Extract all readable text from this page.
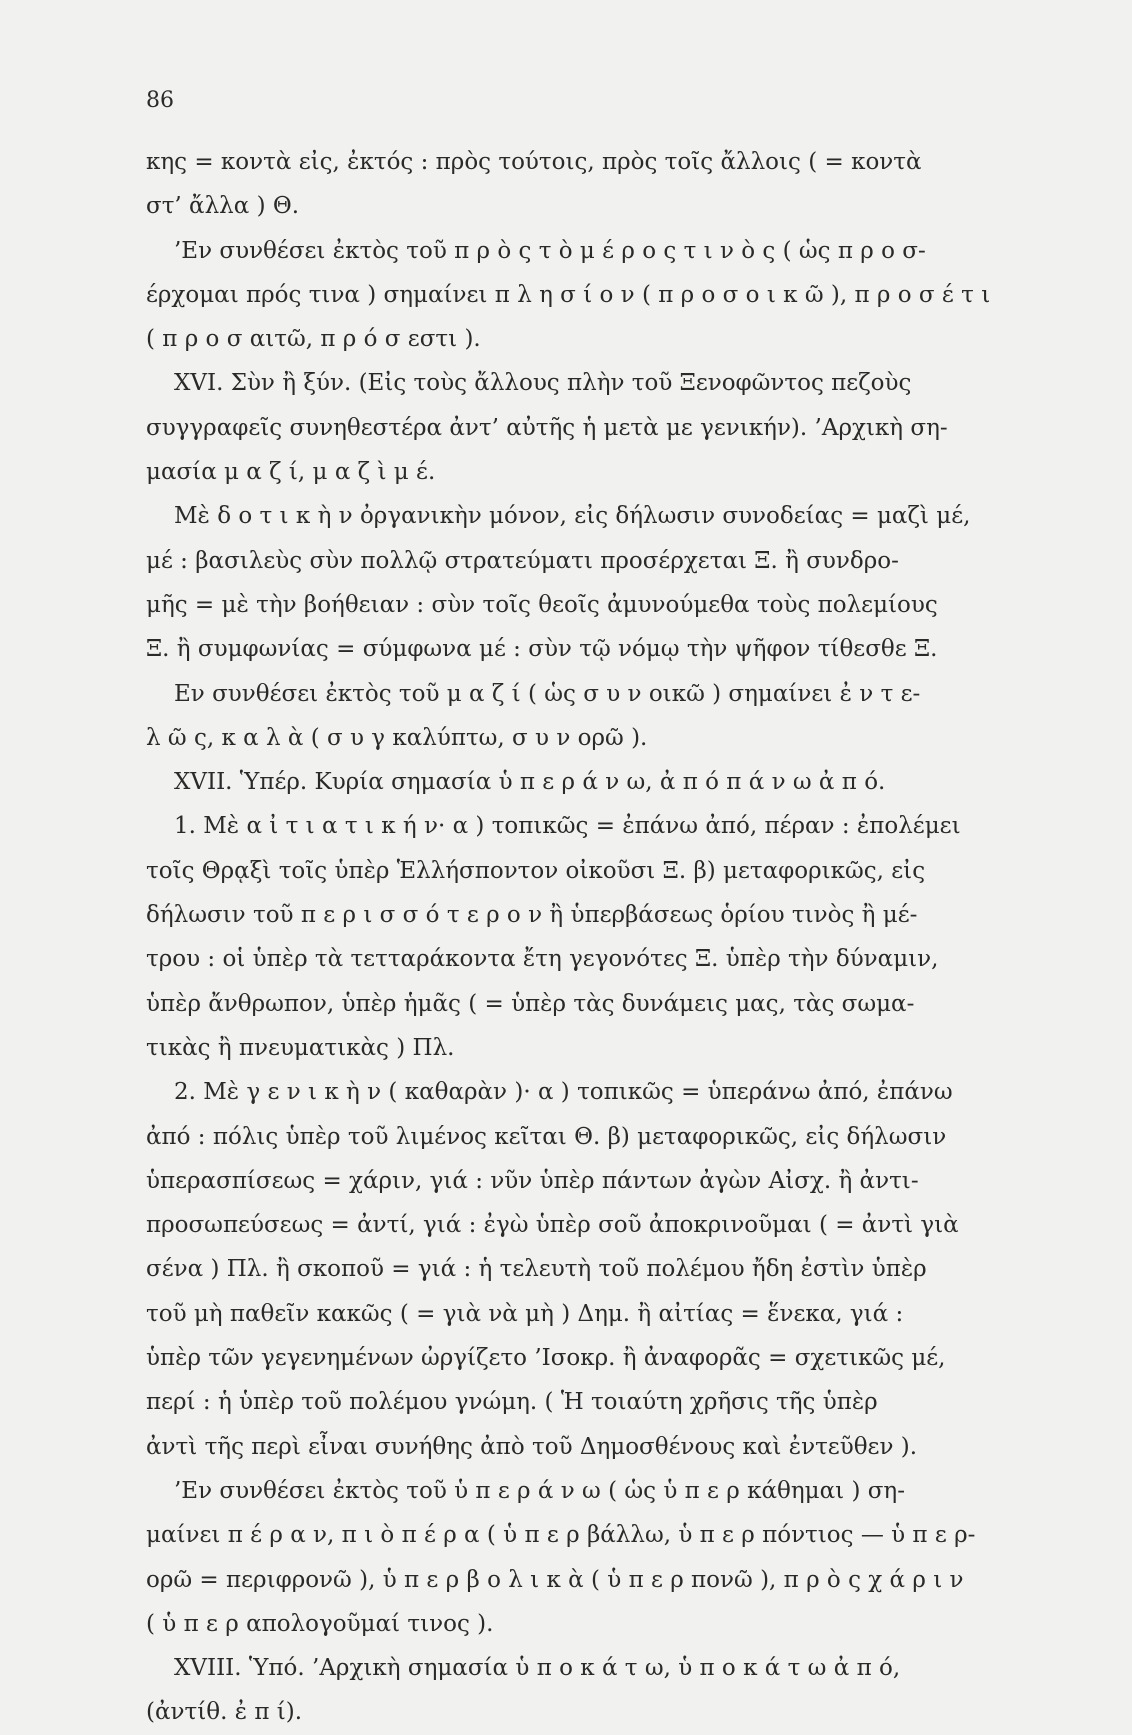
86
κης = κοντὰ εἰς, ἐκτός : πρὸς τούτοις, πρὸς τοῖς ἄλλοις ( = κοντὰ
στ’ ἄλλα ) Θ.
’Εν συνθέσει ἐκτὸς τοῦ π ρ ὸ ς τ ὸ μ έ ρ ο ς τ ι ν ὸ ς ( ὡς π ρ ο σ-
έρχομαι πρός τινα ) σημαίνει π λ η σ ί ο ν ( π ρ ο σ ο ι κ ῶ ), π ρ ο σ έ τ ι
( π ρ ο σ αιτῶ, π ρ ό σ εστι ).
XVI. Σὺν ἢ ξύν. (Εἰς τοὺς ἄλλους πλὴν τοῦ Ξενοφῶντος πεζοὺς
συγγραφεῖς συνηθεστέρα ἀντ’ αὐτῆς ἡ μετὰ με γενικήν). ’Αρχικὴ ση-
μασία μ α ζ ί, μ α ζ ὶ μ έ.
Μὲ δ ο τ ι κ ὴ ν ὀργανικὴν μόνον, εἰς δήλωσιν συνοδείας = μαζὶ μέ,
μέ : βασιλεὺς σὺν πολλῷ στρατεύματι προσέρχεται Ξ. ἢ συνδρο-
μῆς = μὲ τὴν βοήθειαν : σὺν τοῖς θεοῖς ἀμυνούμεθα τοὺς πολεμίους
Ξ. ἢ συμφωνίας = σύμφωνα μέ : σὺν τῷ νόμῳ τὴν ψῆφον τίθεσθε Ξ.
Εν συνθέσει ἐκτὸς τοῦ μ α ζ ί ( ὡς σ υ ν οικῶ ) σημαίνει ἐ ν τ ε-
λ ῶ ς, κ α λ ὰ ( σ υ γ καλύπτω, σ υ ν ορῶ ).
XVII. Ὑπέρ. Κυρία σημασία ὑ π ε ρ ά ν ω, ἀ π ό π ά ν ω ἀ π ό.
1. Μὲ α ἰ τ ι α τ ι κ ή ν· α ) τοπικῶς = ἐπάνω ἀπό, πέραν : ἐπολέμει
τοῖς Θρᾳξὶ τοῖς ὑπὲρ Ἑλλήσποντον οἰκοῦσι Ξ. β) μεταφορικῶς, εἰς
δήλωσιν τοῦ π ε ρ ι σ σ ό τ ε ρ ο ν ἢ ὑπερβάσεως ὁρίου τινὸς ἢ μέ-
τρου : οἱ ὑπὲρ τὰ τετταράκοντα ἔτη γεγονότες Ξ. ὑπὲρ τὴν δύναμιν,
ὑπὲρ ἄνθρωπον, ὑπὲρ ἡμᾶς ( = ὑπὲρ τὰς δυνάμεις μας, τὰς σωμα-
τικὰς ἢ πνευματικὰς ) Πλ.
2. Μὲ γ ε ν ι κ ὴ ν ( καθαρὰν )· α ) τοπικῶς = ὑπεράνω ἀπό, ἐπάνω
ἀπό : πόλις ὑπὲρ τοῦ λιμένος κεῖται Θ. β) μεταφορικῶς, εἰς δήλωσιν
ὑπερασπίσεως = χάριν, γιά : νῦν ὑπὲρ πάντων ἀγὼν Αἰσχ. ἢ ἀντι-
προσωπεύσεως = ἀντί, γιά : ἐγὼ ὑπὲρ σοῦ ἀποκρινοῦμαι ( = ἀντὶ γιὰ
σένα ) Πλ. ἢ σκοποῦ = γιά : ἡ τελευτὴ τοῦ πολέμου ἤδη ἐστὶν ὑπὲρ
τοῦ μὴ παθεῖν κακῶς ( = γιὰ νὰ μὴ ) Δημ. ἢ αἰτίας = ἕνεκα, γιά :
ὑπὲρ τῶν γεγενημένων ὠργίζετο ’Ισοκρ. ἢ ἀναφορᾶς = σχετικῶς μέ,
περί : ἡ ὑπὲρ τοῦ πολέμου γνώμη. ( Ἡ τοιαύτη χρῆσις τῆς ὑπὲρ
ἀντὶ τῆς περὶ εἶναι συνήθης ἀπὸ τοῦ Δημοσθένους καὶ ἐντεῦθεν ).
’Εν συνθέσει ἐκτὸς τοῦ ὑ π ε ρ ά ν ω ( ὡς ὑ π ε ρ κάθημαι ) ση-
μαίνει π έ ρ α ν, π ι ὸ π έ ρ α ( ὑ π ε ρ βάλλω, ὑ π ε ρ πόντιος — ὑ π ε ρ-
ορῶ = περιφρονῶ ), ὑ π ε ρ β ο λ ι κ ὰ ( ὑ π ε ρ πονῶ ), π ρ ὸ ς χ ά ρ ι ν
( ὑ π ε ρ απολογοῦμαί τινος ).
XVIII. Ὑπό. ’Αρχικὴ σημασία ὑ π ο κ ά τ ω, ὑ π ο κ ά τ ω ἀ π ό,
(ἀντίθ. ἐ π ί).
